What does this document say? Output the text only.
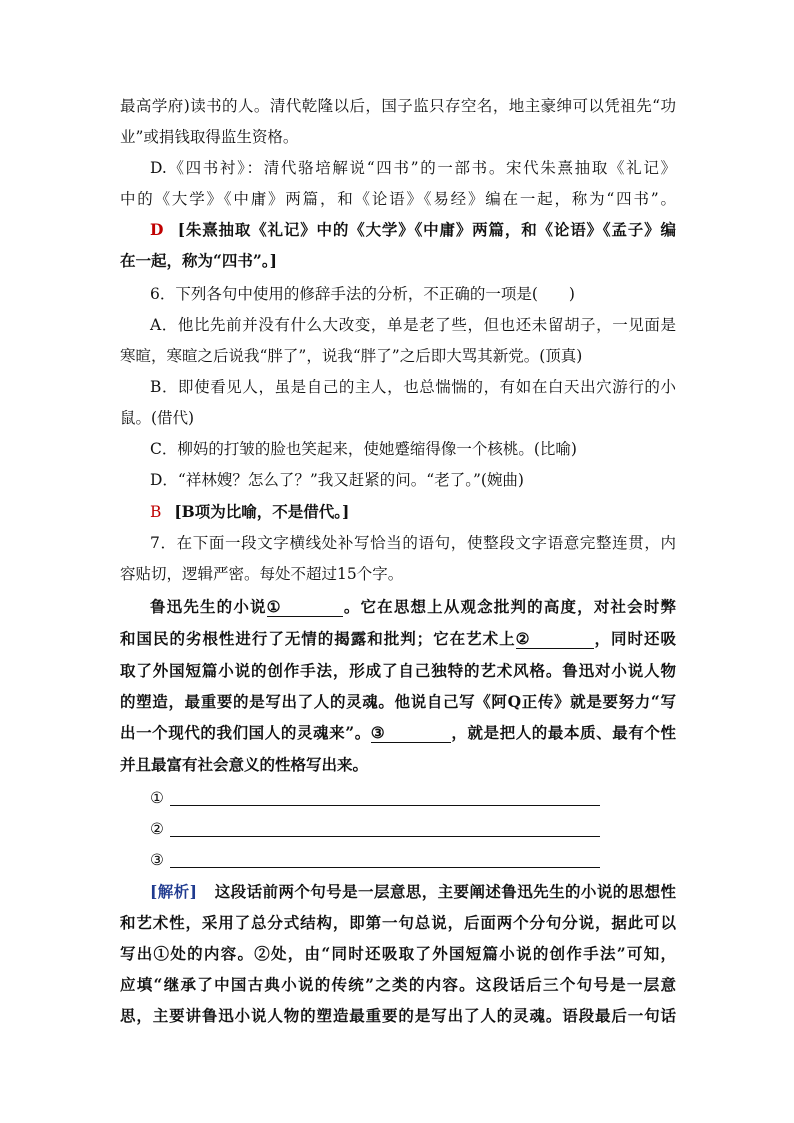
最高学府)读书的人。清代乾隆以后，国子监只存空名，地主豪绅可以凭祖先“功
业”或捐钱取得监生资格。
D.《四书衬》：清代骆培解说“四书”的一部书。宋代朱熹抽取《礼记》
中的《大学》《中庸》两篇，和《论语》《易经》编在一起，称为“四书”。
D [朱熹抽取《礼记》中的《大学》《中庸》两篇，和《论语》《孟子》编
在一起，称为“四书”。]
6．下列各句中使用的修辞手法的分析，不正确的一项是(　　)
A．他比先前并没有什么大改变，单是老了些，但也还未留胡子，一见面是
寒暄，寒暄之后说我“胖了”，说我“胖了”之后即大骂其新党。(顶真)
B．即使看见人，虽是自己的主人，也总惴惴的，有如在白天出穴游行的小
鼠。(借代)
C．柳妈的打皱的脸也笑起来，使她蹙缩得像一个核桃。(比喻)
D．“祥林嫂？怎么了？”我又赶紧的问。“老了。”(婉曲)
B [B项为比喻，不是借代。]
7．在下面一段文字横线处补写恰当的语句，使整段文字语意完整连贯，内
容贴切，逻辑严密。每处不超过15个字。
鲁迅先生的小说①	。它在思想上从观念批判的高度，对社会时弊
和国民的劣根性进行了无情的揭露和批判；它在艺术上②	，同时还吸
取了外国短篇小说的创作手法，形成了自己独特的艺术风格。鲁迅对小说人物
的塑造，最重要的是写出了人的灵魂。他说自己写《阿Q正传》就是要努力“写
出一个现代的我们国人的灵魂来”。③	，就是把人的最本质、最有个性
并且最富有社会意义的性格写出来。
①
②
③
[解析] 这段话前两个句号是一层意思，主要阐述鲁迅先生的小说的思想性
和艺术性，采用了总分式结构，即第一句总说，后面两个分句分说，据此可以
写出①处的内容。②处，由“同时还吸取了外国短篇小说的创作手法”可知，
应填“继承了中国古典小说的传统”之类的内容。这段话后三个句号是一层意
思，主要讲鲁迅小说人物的塑造最重要的是写出了人的灵魂。语段最后一句话
